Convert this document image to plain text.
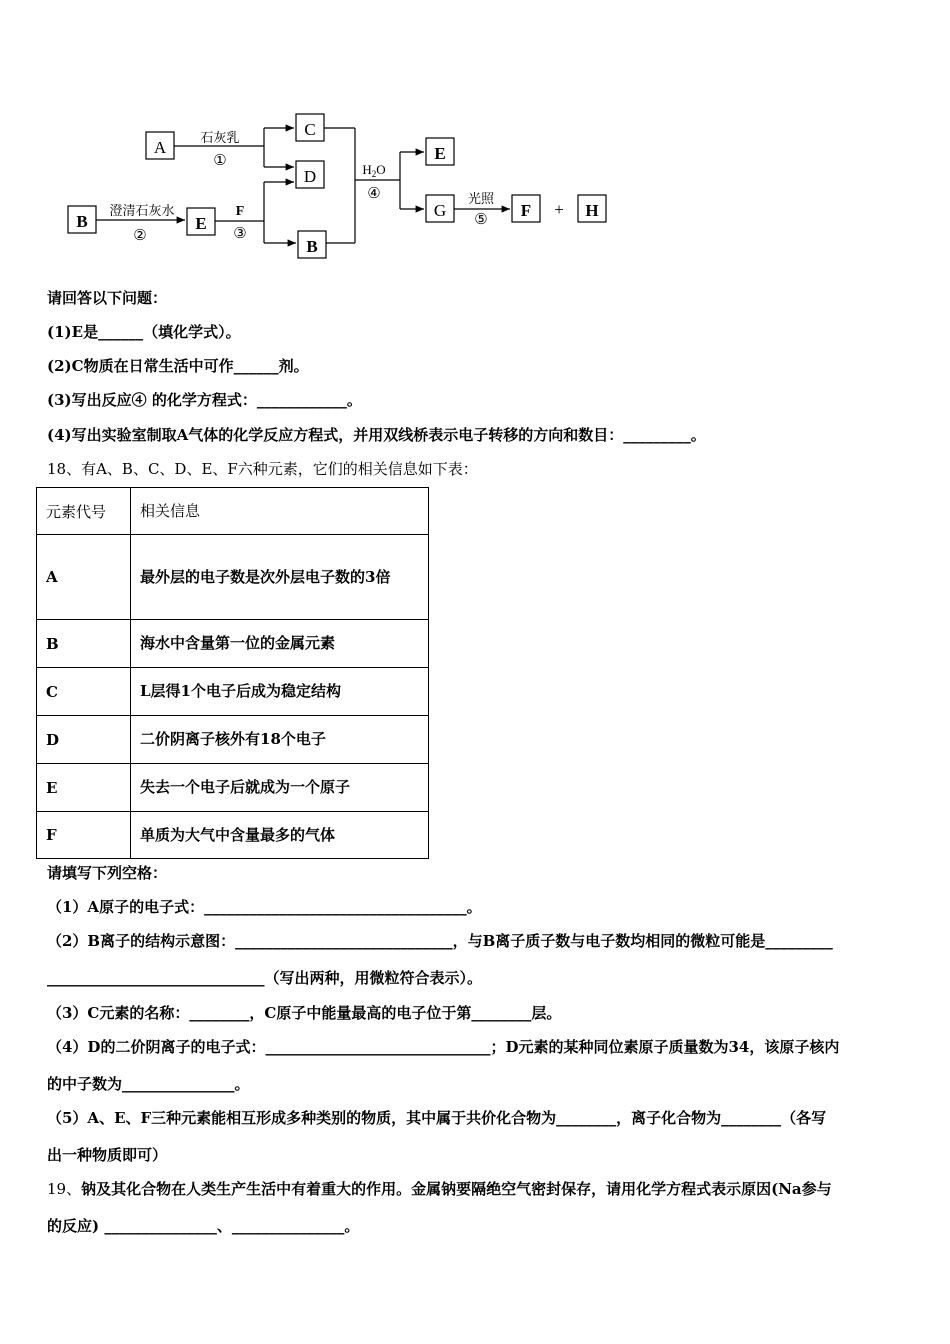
A
B	E
C
D
B
E
G	F	H
石灰乳
①
澄清石灰水
②
F
③
$H_2O$
④	光照
⑤
+
请回答以下问题：
(1)E是______（填化学式）。
(2)C物质在日常生活中可作______剂。
(3)写出反应④ 的化学方程式：____________。
(4)写出实验室制取A气体的化学反应方程式，并用双线桥表示电子转移的方向和数目：_________。
18、有A、B、C、D、E、F六种元素，它们的相关信息如下表：
元素代号	相关信息
A	最外层的电子数是次外层电子数的3倍
B	海水中含量第一位的金属元素
C	L层得1个电子后成为稳定结构
D	二价阴离子核外有18个电子
E	失去一个电子后就成为一个原子
F	单质为大气中含量最多的气体
请填写下列空格：
（1）A原子的电子式：___________________________________。
（2）B离子的结构示意图：_____________________________，与B离子质子数与电子数均相同的微粒可能是_________
_____________________________（写出两种，用微粒符合表示）。
（3）C元素的名称：________，C原子中能量最高的电子位于第________层。
（4）D的二价阴离子的电子式：______________________________；D元素的某种同位素原子质量数为34，该原子核内
的中子数为_______________。
（5）A、E、F三种元素能相互形成多种类别的物质，其中属于共价化合物为________，离子化合物为________（各写
出一种物质即可）
19、钠及其化合物在人类生产生活中有着重大的作用。金属钠要隔绝空气密封保存，请用化学方程式表示原因(Na参与
的反应) _______________、_______________。
